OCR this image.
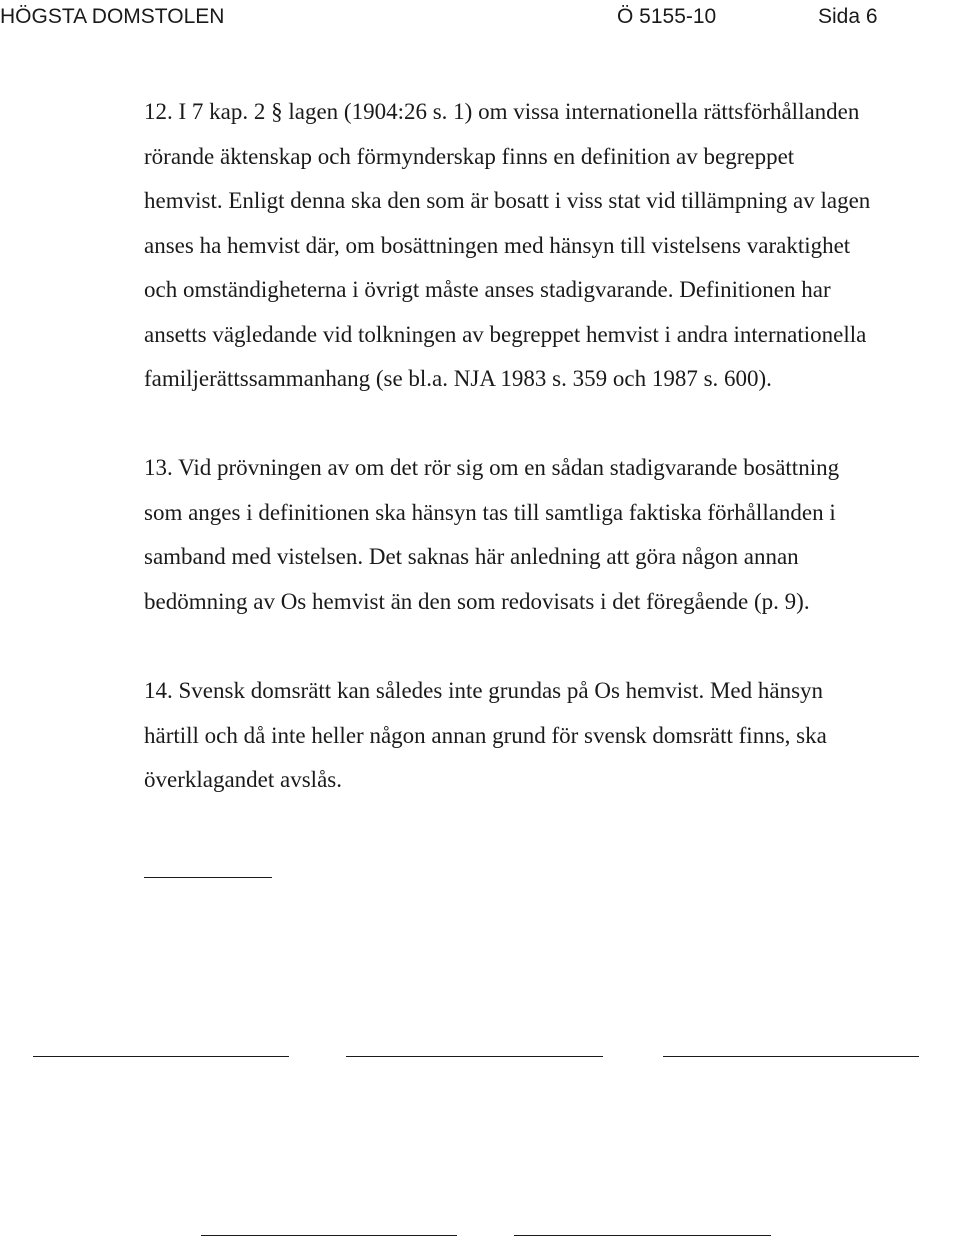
HÖGSTA DOMSTOLEN	Ö 5155-10	Sida 6

12. I 7 kap. 2 § lagen (1904:26 s. 1) om vissa internationella rättsförhållanden
rörande äktenskap och förmynderskap finns en definition av begreppet
hemvist. Enligt denna ska den som är bosatt i viss stat vid tillämpning av lagen
anses ha hemvist där, om bosättningen med hänsyn till vistelsens varaktighet
och omständigheterna i övrigt måste anses stadigvarande. Definitionen har
ansetts vägledande vid tolkningen av begreppet hemvist i andra internationella
familjerättssammanhang (se bl.a. NJA 1983 s. 359 och 1987 s. 600).

13. Vid prövningen av om det rör sig om en sådan stadigvarande bosättning
som anges i definitionen ska hänsyn tas till samtliga faktiska förhållanden i
samband med vistelsen. Det saknas här anledning att göra någon annan
bedömning av Os hemvist än den som redovisats i det föregående (p. 9).

14. Svensk domsrätt kan således inte grundas på Os hemvist. Med hänsyn
härtill och då inte heller någon annan grund för svensk domsrätt finns, ska
överklagandet avslås.
